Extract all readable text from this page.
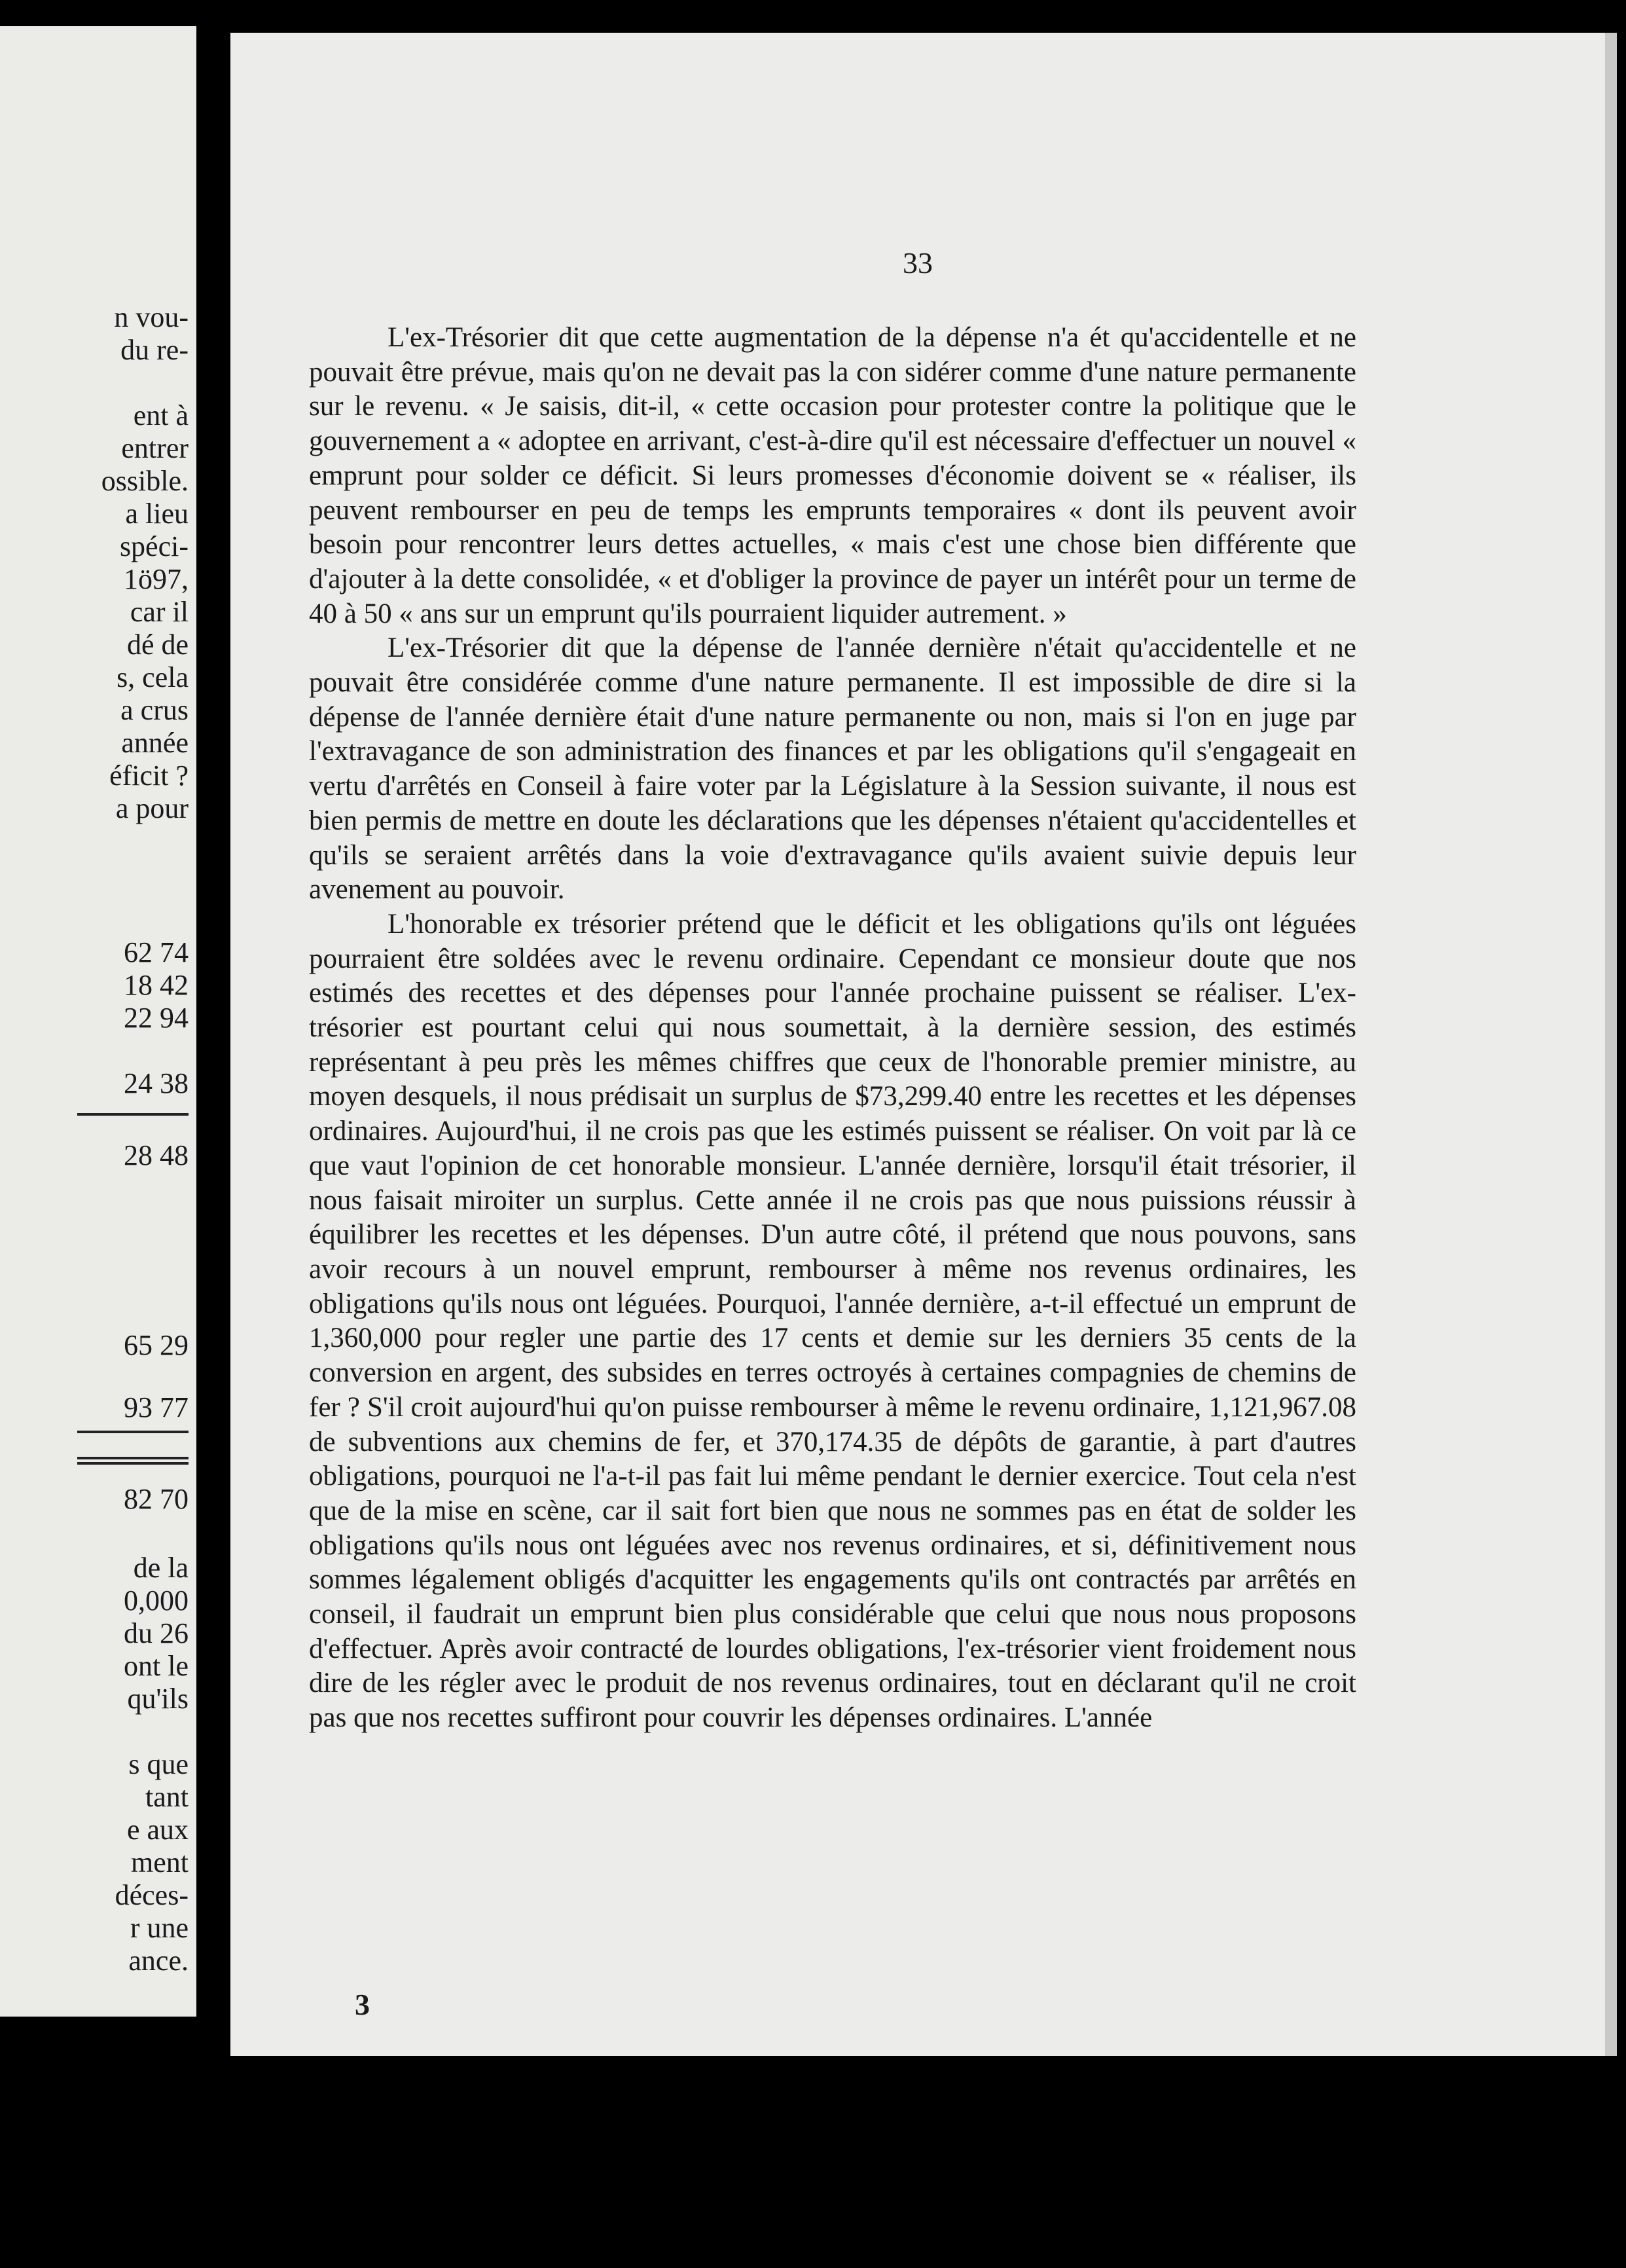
n vou-
du re-
ent à
entrer
ossible.
a lieu
spéci-
1ö97,
car il
dé de
s, cela
a crus
année
éficit ?
a pour
62 74
18 42
22 94
24 38
28 48
65 29
93 77
82 70
de la
0,000
du 26
ont le
qu'ils
s que
tant
e aux
ment
déces-
r une
ance.

33

L'ex-Trésorier dit que cette augmentation de la dépense n'a ét qu'accidentelle et ne pouvait être prévue, mais qu'on ne devait pas la con sidérer comme d'une nature permanente sur le revenu. « Je saisis, dit-il, « cette occasion pour protester contre la politique que le gouvernement a « adoptee en arrivant, c'est-à-dire qu'il est nécessaire d'effectuer un nouvel « emprunt pour solder ce déficit. Si leurs promesses d'économie doivent se « réaliser, ils peuvent rembourser en peu de temps les emprunts temporaires « dont ils peuvent avoir besoin pour rencontrer leurs dettes actuelles, « mais c'est une chose bien différente que d'ajouter à la dette consolidée, « et d'obliger la province de payer un intérêt pour un terme de 40 à 50 « ans sur un emprunt qu'ils pourraient liquider autrement. »

L'ex-Trésorier dit que la dépense de l'année dernière n'était qu'accidentelle et ne pouvait être considérée comme d'une nature permanente. Il est impossible de dire si la dépense de l'année dernière était d'une nature permanente ou non, mais si l'on en juge par l'extravagance de son administration des finances et par les obligations qu'il s'engageait en vertu d'arrêtés en Conseil à faire voter par la Législature à la Session suivante, il nous est bien permis de mettre en doute les déclarations que les dépenses n'étaient qu'accidentelles et qu'ils se seraient arrêtés dans la voie d'extravagance qu'ils avaient suivie depuis leur avenement au pouvoir.

L'honorable ex trésorier prétend que le déficit et les obligations qu'ils ont léguées pourraient être soldées avec le revenu ordinaire. Cependant ce monsieur doute que nos estimés des recettes et des dépenses pour l'année prochaine puissent se réaliser. L'ex-trésorier est pourtant celui qui nous soumettait, à la dernière session, des estimés représentant à peu près les mêmes chiffres que ceux de l'honorable premier ministre, au moyen desquels, il nous prédisait un surplus de $73,299.40 entre les recettes et les dépenses ordinaires. Aujourd'hui, il ne crois pas que les estimés puissent se réaliser. On voit par là ce que vaut l'opinion de cet honorable monsieur. L'année dernière, lorsqu'il était trésorier, il nous faisait miroiter un surplus. Cette année il ne crois pas que nous puissions réussir à équilibrer les recettes et les dépenses. D'un autre côté, il prétend que nous pouvons, sans avoir recours à un nouvel emprunt, rembourser à même nos revenus ordinaires, les obligations qu'ils nous ont léguées. Pourquoi, l'année dernière, a-t-il effectué un emprunt de 1,360,000 pour regler une partie des 17 cents et demie sur les derniers 35 cents de la conversion en argent, des subsides en terres octroyés à certaines compagnies de chemins de fer ? S'il croit aujourd'hui qu'on puisse rembourser à même le revenu ordinaire, 1,121,967.08 de subventions aux chemins de fer, et 370,174.35 de dépôts de garantie, à part d'autres obligations, pourquoi ne l'a-t-il pas fait lui même pendant le dernier exercice. Tout cela n'est que de la mise en scène, car il sait fort bien que nous ne sommes pas en état de solder les obligations qu'ils nous ont léguées avec nos revenus ordinaires, et si, définitivement nous sommes légalement obligés d'acquitter les engagements qu'ils ont contractés par arrêtés en conseil, il faudrait un emprunt bien plus considérable que celui que nous nous proposons d'effectuer. Après avoir contracté de lourdes obligations, l'ex-trésorier vient froidement nous dire de les régler avec le produit de nos revenus ordinaires, tout en déclarant qu'il ne croit pas que nos recettes suffiront pour couvrir les dépenses ordinaires. L'année

3
